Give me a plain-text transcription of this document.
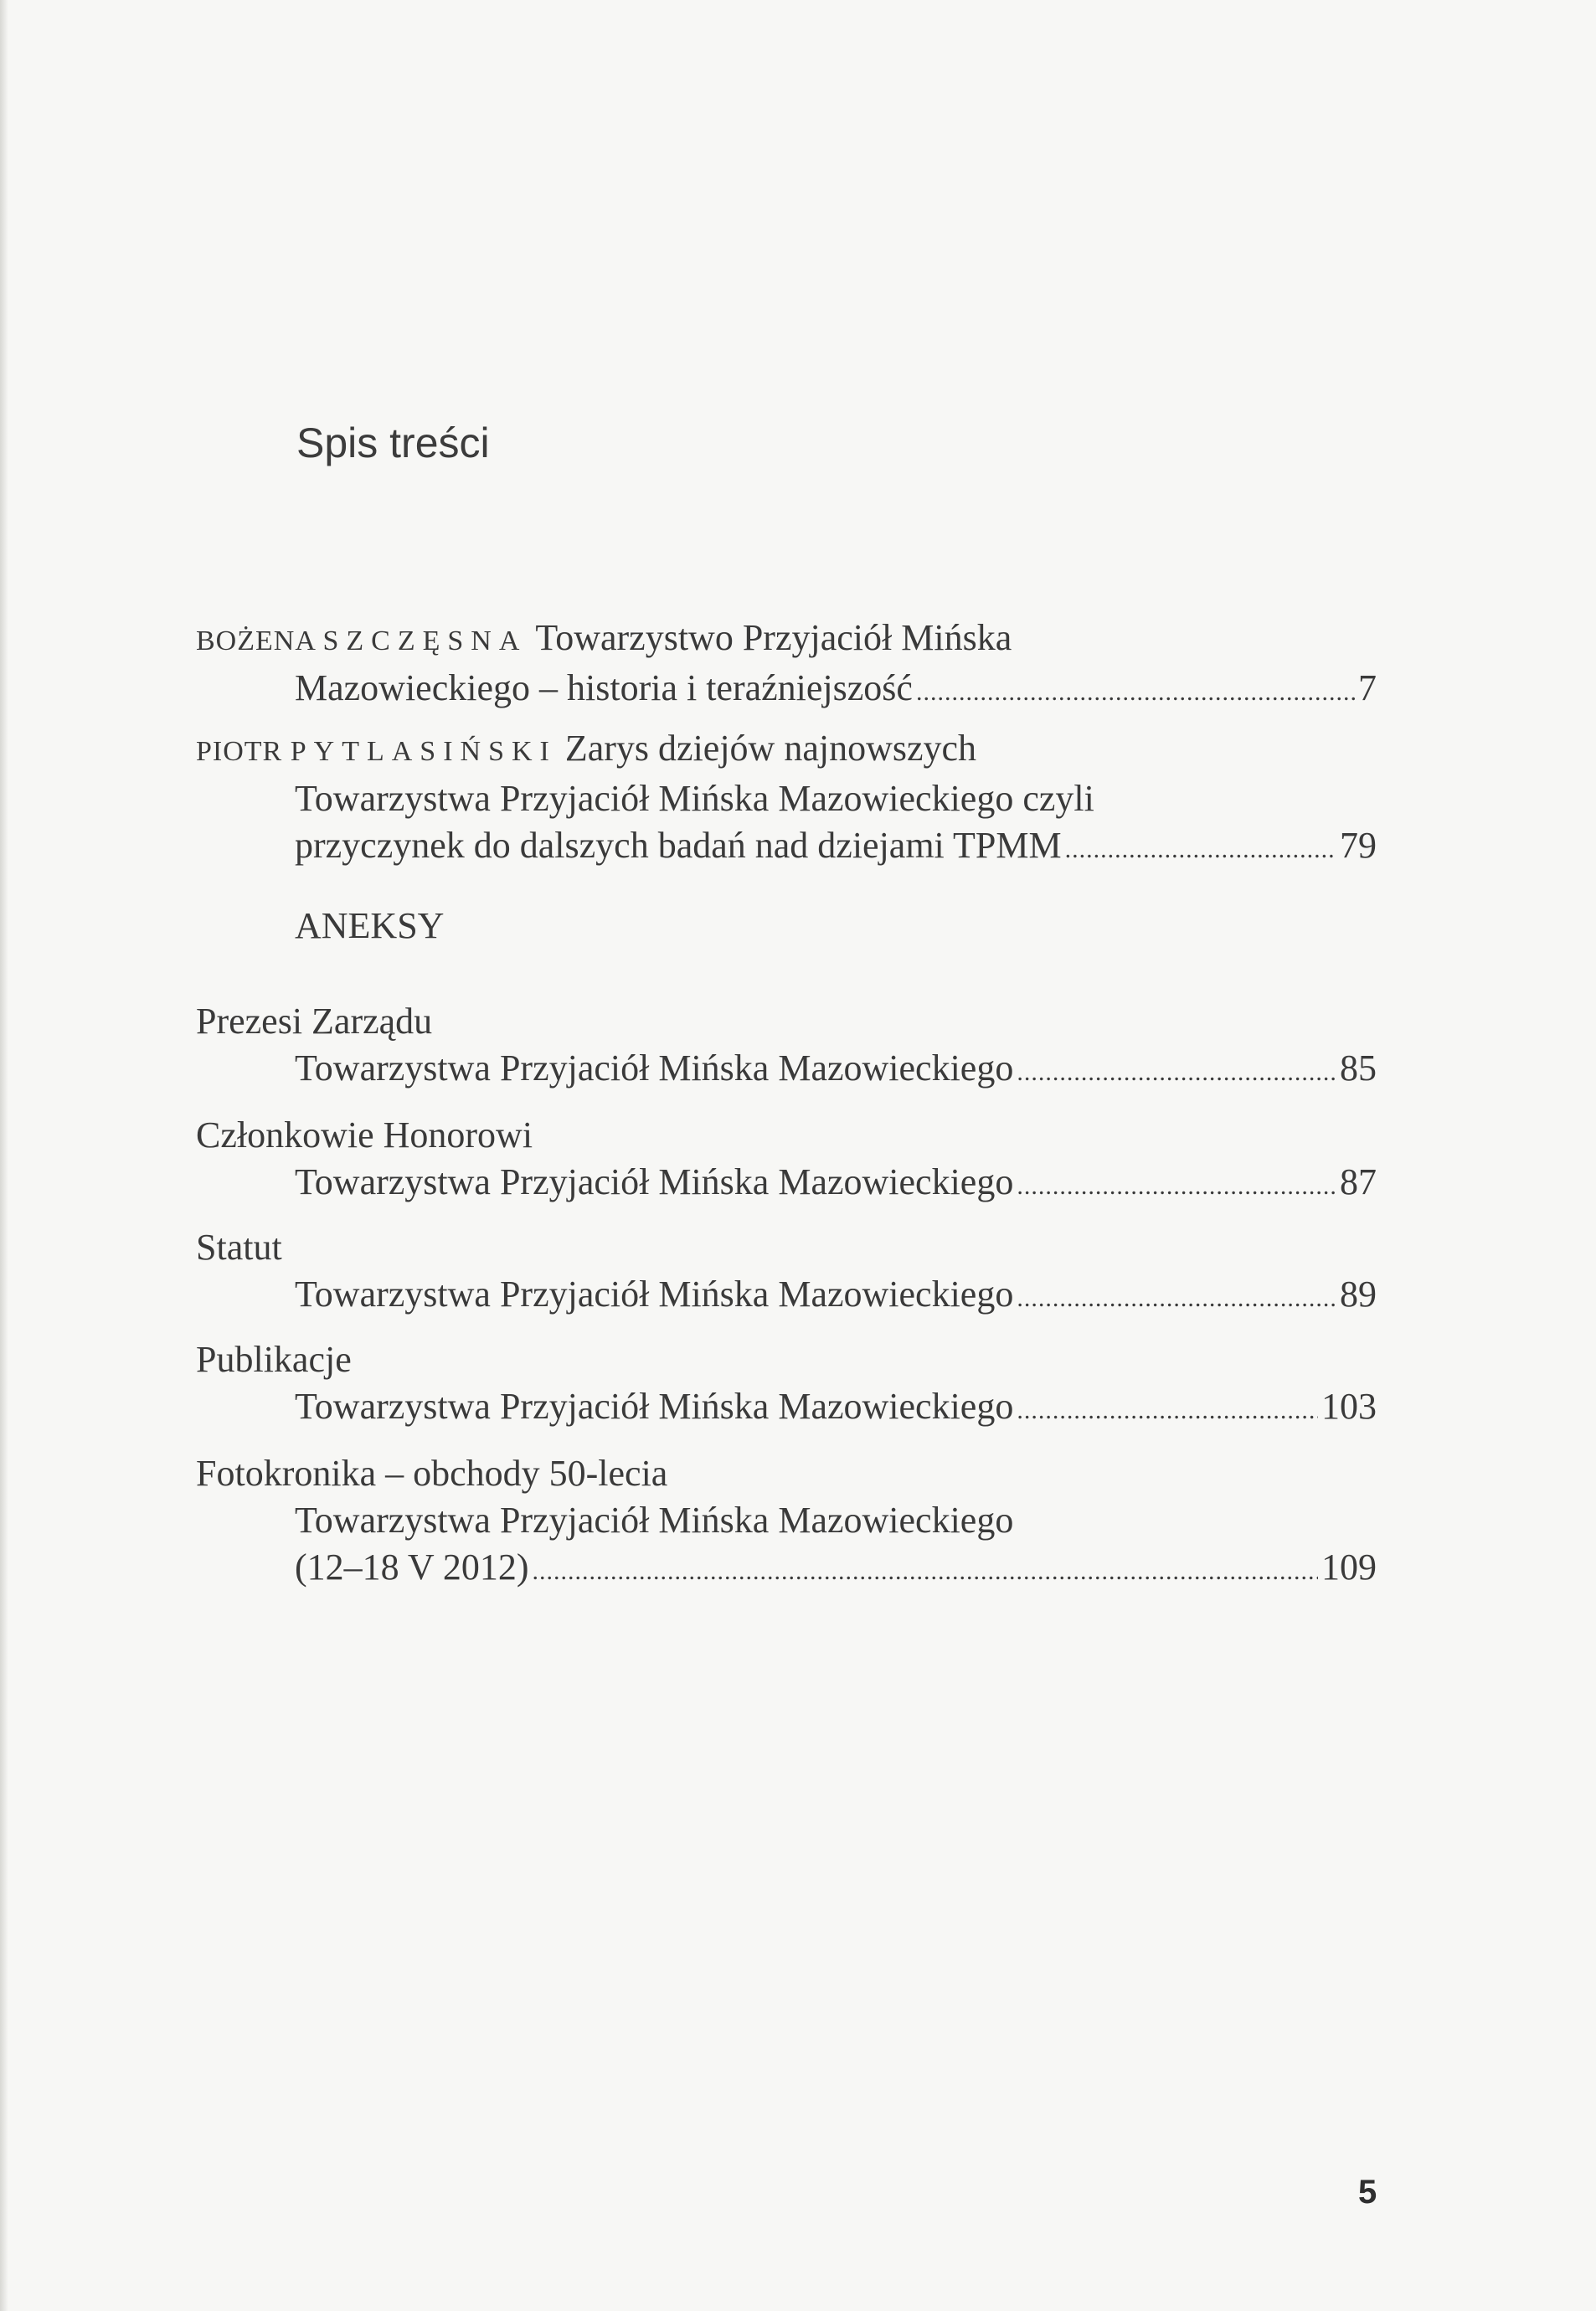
Spis treści
BOŻENA SZCZĘSNA Towarzystwo Przyjaciół Mińska
Mazowieckiego – historia i teraźniejszość .....	7
PIOTR PYTLASIŃSKI Zarys dziejów najnowszych
Towarzystwa Przyjaciół Mińska Mazowieckiego czyli
przyczynek do dalszych badań nad dziejami TPMM .....	79
ANEKSY
Prezesi Zarządu
Towarzystwa Przyjaciół Mińska Mazowieckiego .....	85
Członkowie Honorowi
Towarzystwa Przyjaciół Mińska Mazowieckiego .....	87
Statut
Towarzystwa Przyjaciół Mińska Mazowieckiego .....	89
Publikacje
Towarzystwa Przyjaciół Mińska Mazowieckiego .....	103
Fotokronika – obchody 50-lecia
Towarzystwa Przyjaciół Mińska Mazowieckiego
(12–18 V 2012) .....	109
5
